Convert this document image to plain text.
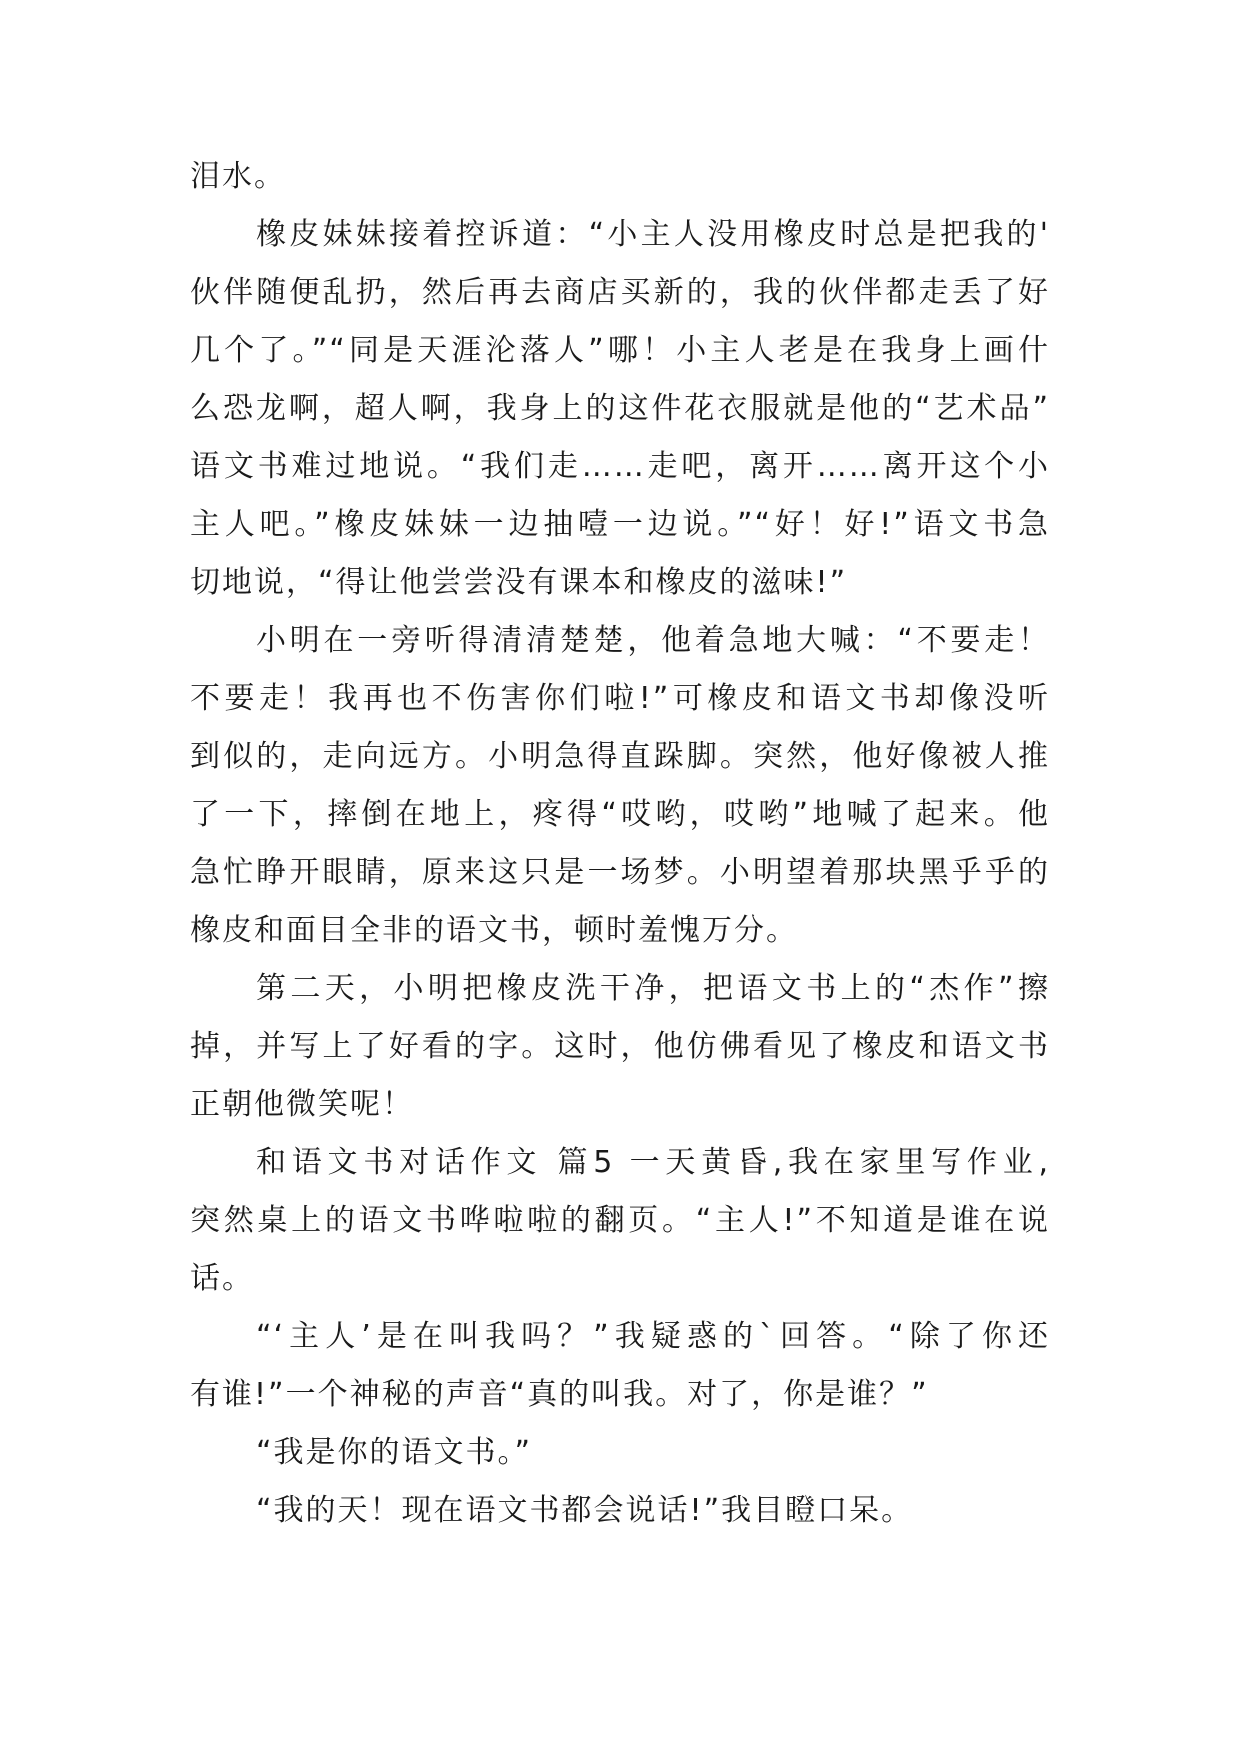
泪水。
橡皮妹妹接着控诉道：“小主人没用橡皮时总是把我的'
伙伴随便乱扔，然后再去商店买新的，我的伙伴都走丢了好
几个了。”“同是天涯沦落人”哪！小主人老是在我身上画什
么恐龙啊，超人啊，我身上的这件花衣服就是他的“艺术品”
语文书难过地说。“我们走……走吧，离开……离开这个小
主人吧。”橡皮妹妹一边抽噎一边说。”“好！好!”语文书急
切地说，“得让他尝尝没有课本和橡皮的滋味!”
小明在一旁听得清清楚楚，他着急地大喊：“不要走！
不要走！我再也不伤害你们啦!”可橡皮和语文书却像没听
到似的，走向远方。小明急得直跺脚。突然，他好像被人推
了一下，摔倒在地上，疼得“哎哟，哎哟”地喊了起来。他
急忙睁开眼睛，原来这只是一场梦。小明望着那块黑乎乎的
橡皮和面目全非的语文书，顿时羞愧万分。
第二天，小明把橡皮洗干净，把语文书上的“杰作”擦
掉，并写上了好看的字。这时，他仿佛看见了橡皮和语文书
正朝他微笑呢！
和语文书对话作文 篇5 一天黄昏,我在家里写作业,
突然桌上的语文书哗啦啦的翻页。“主人!”不知道是谁在说
话。
“‘主人’是在叫我吗？”我疑惑的`回答。“除了你还
有谁!”一个神秘的声音“真的叫我。对了，你是谁？”
“我是你的语文书。”
“我的天！现在语文书都会说话!”我目瞪口呆。
